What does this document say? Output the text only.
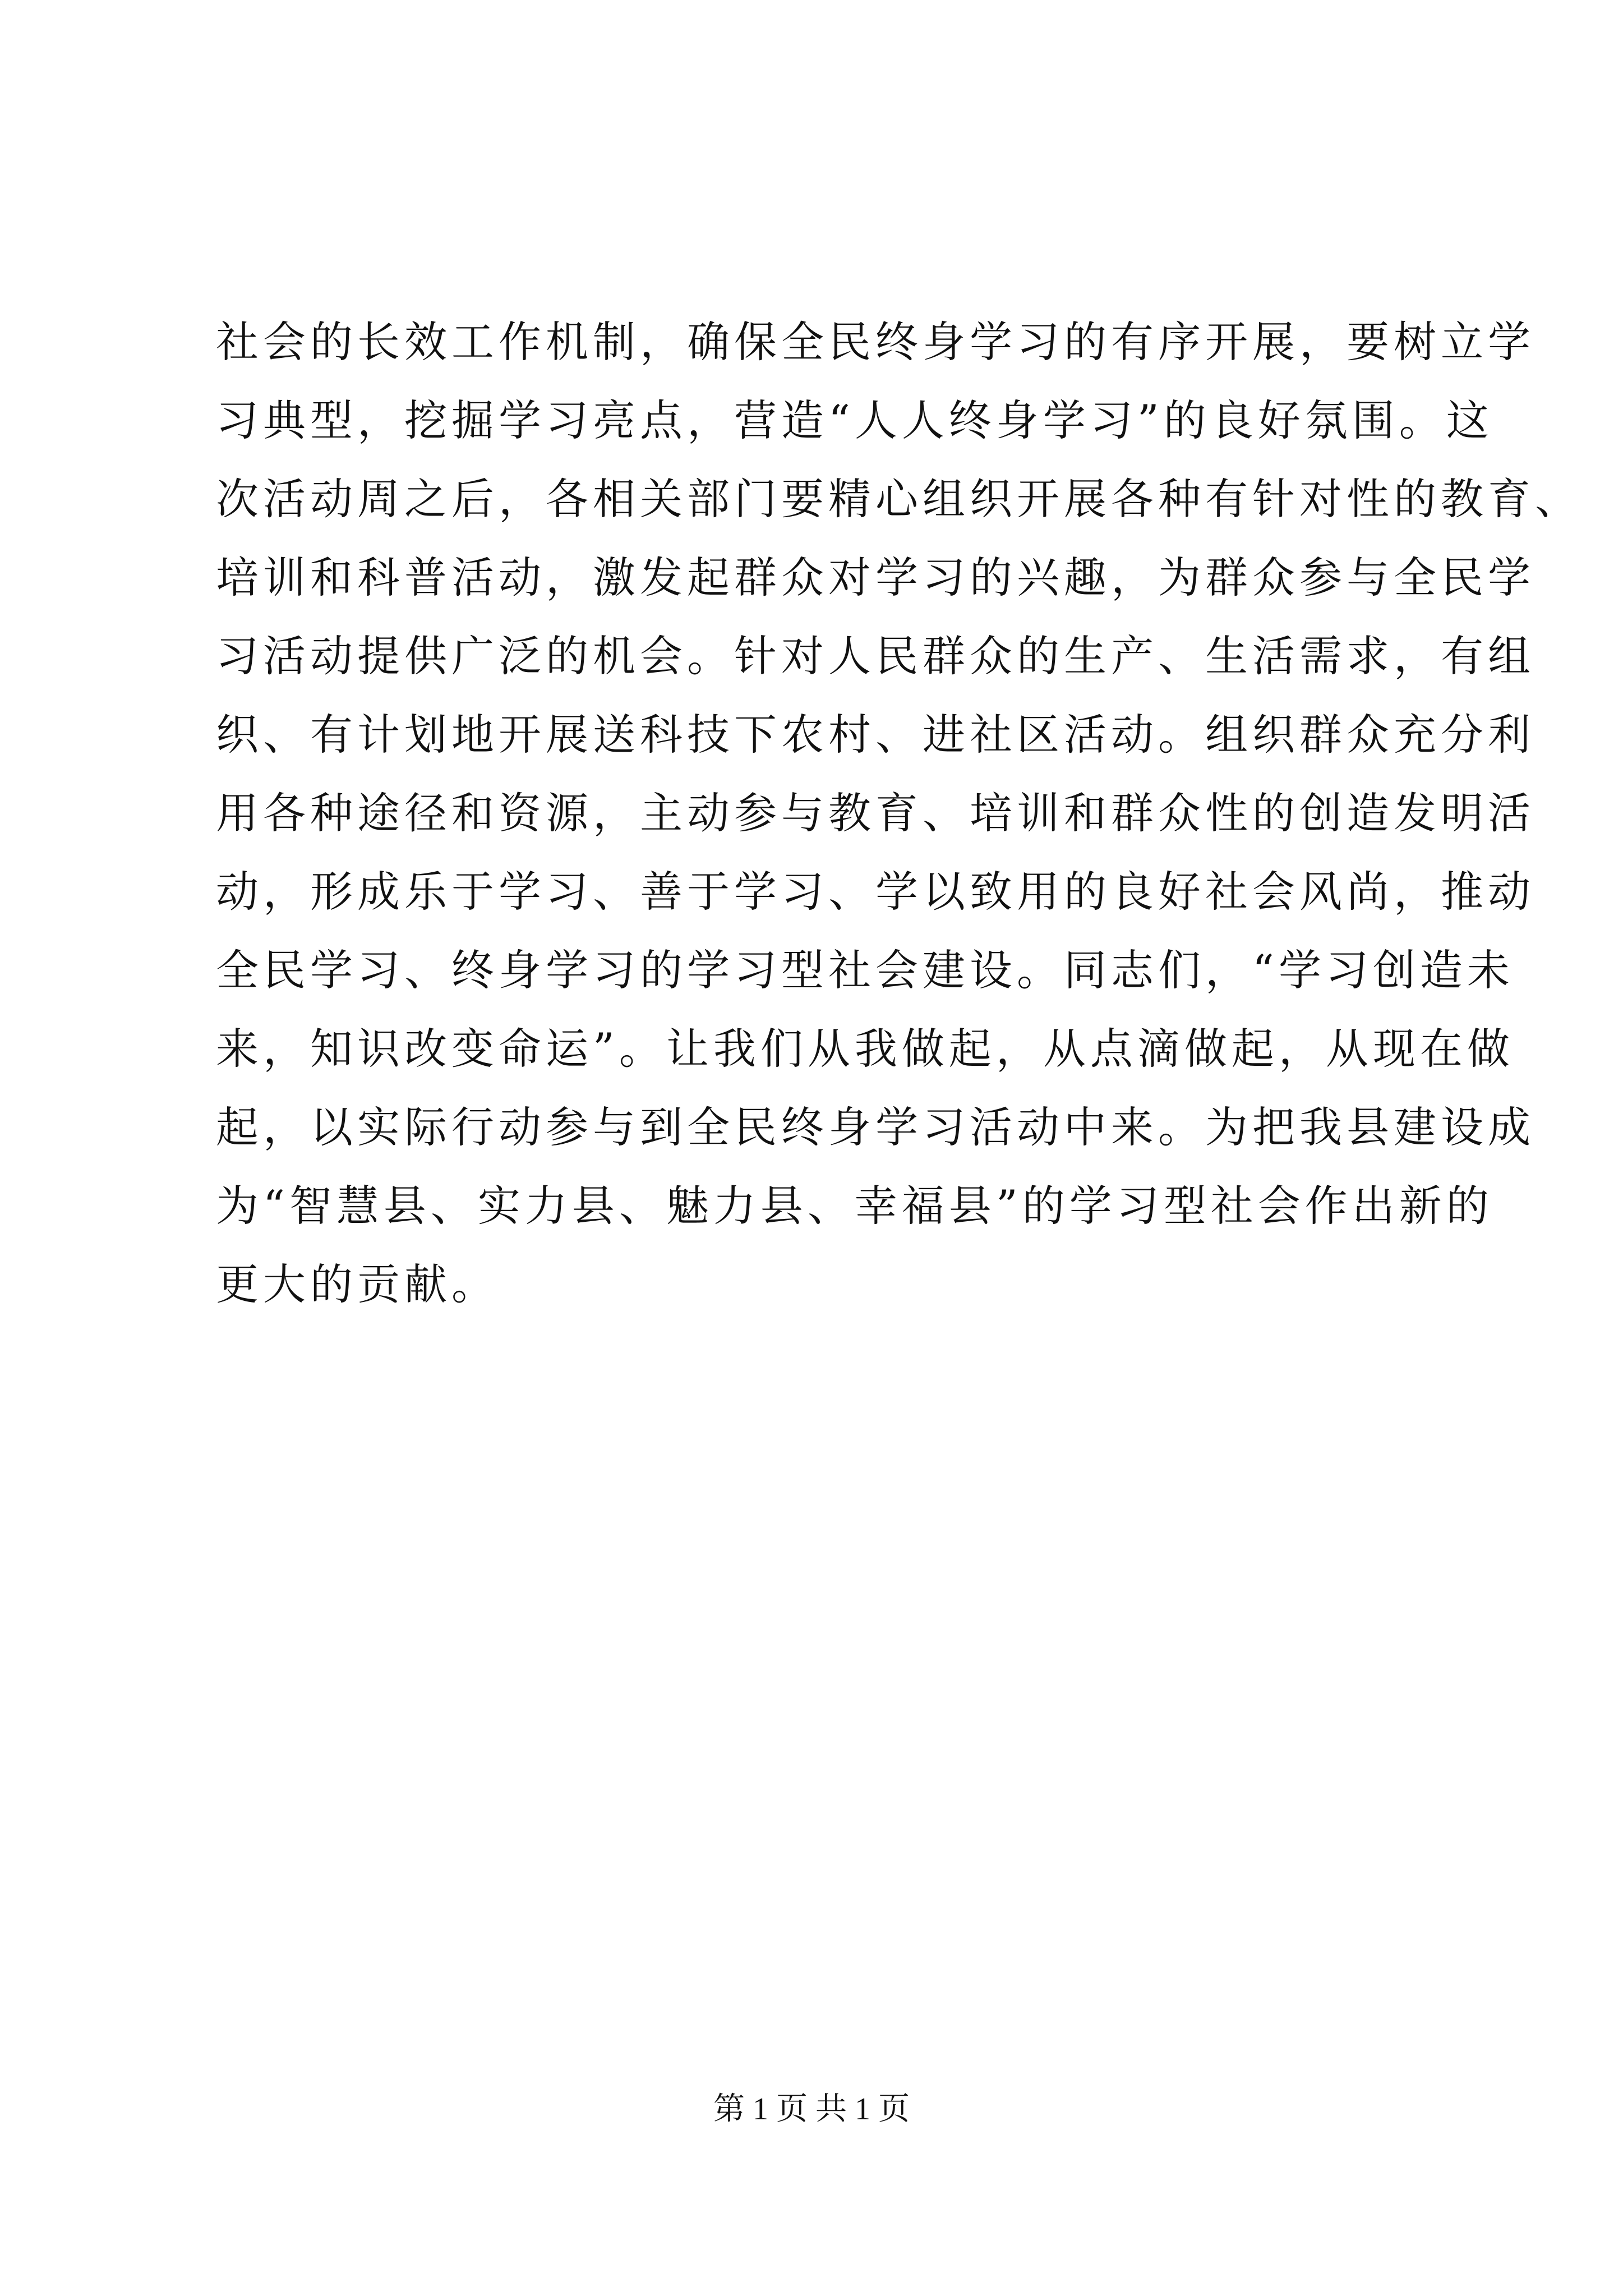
社会的长效工作机制，确保全民终身学习的有序开展，要树立学
习典型，挖掘学习亮点，营造“人人终身学习”的良好氛围。这
次活动周之后，各相关部门要精心组织开展各种有针对性的教育、
培训和科普活动，激发起群众对学习的兴趣，为群众参与全民学
习活动提供广泛的机会。针对人民群众的生产、生活需求，有组
织、有计划地开展送科技下农村、进社区活动。组织群众充分利
用各种途径和资源，主动参与教育、培训和群众性的创造发明活
动，形成乐于学习、善于学习、学以致用的良好社会风尚，推动
全民学习、终身学习的学习型社会建设。同志们，“学习创造未
来，知识改变命运”。让我们从我做起，从点滴做起，从现在做
起，以实际行动参与到全民终身学习活动中来。为把我县建设成
为“智慧县、实力县、魅力县、幸福县”的学习型社会作出新的
更大的贡献。
第 1 页 共 1 页
